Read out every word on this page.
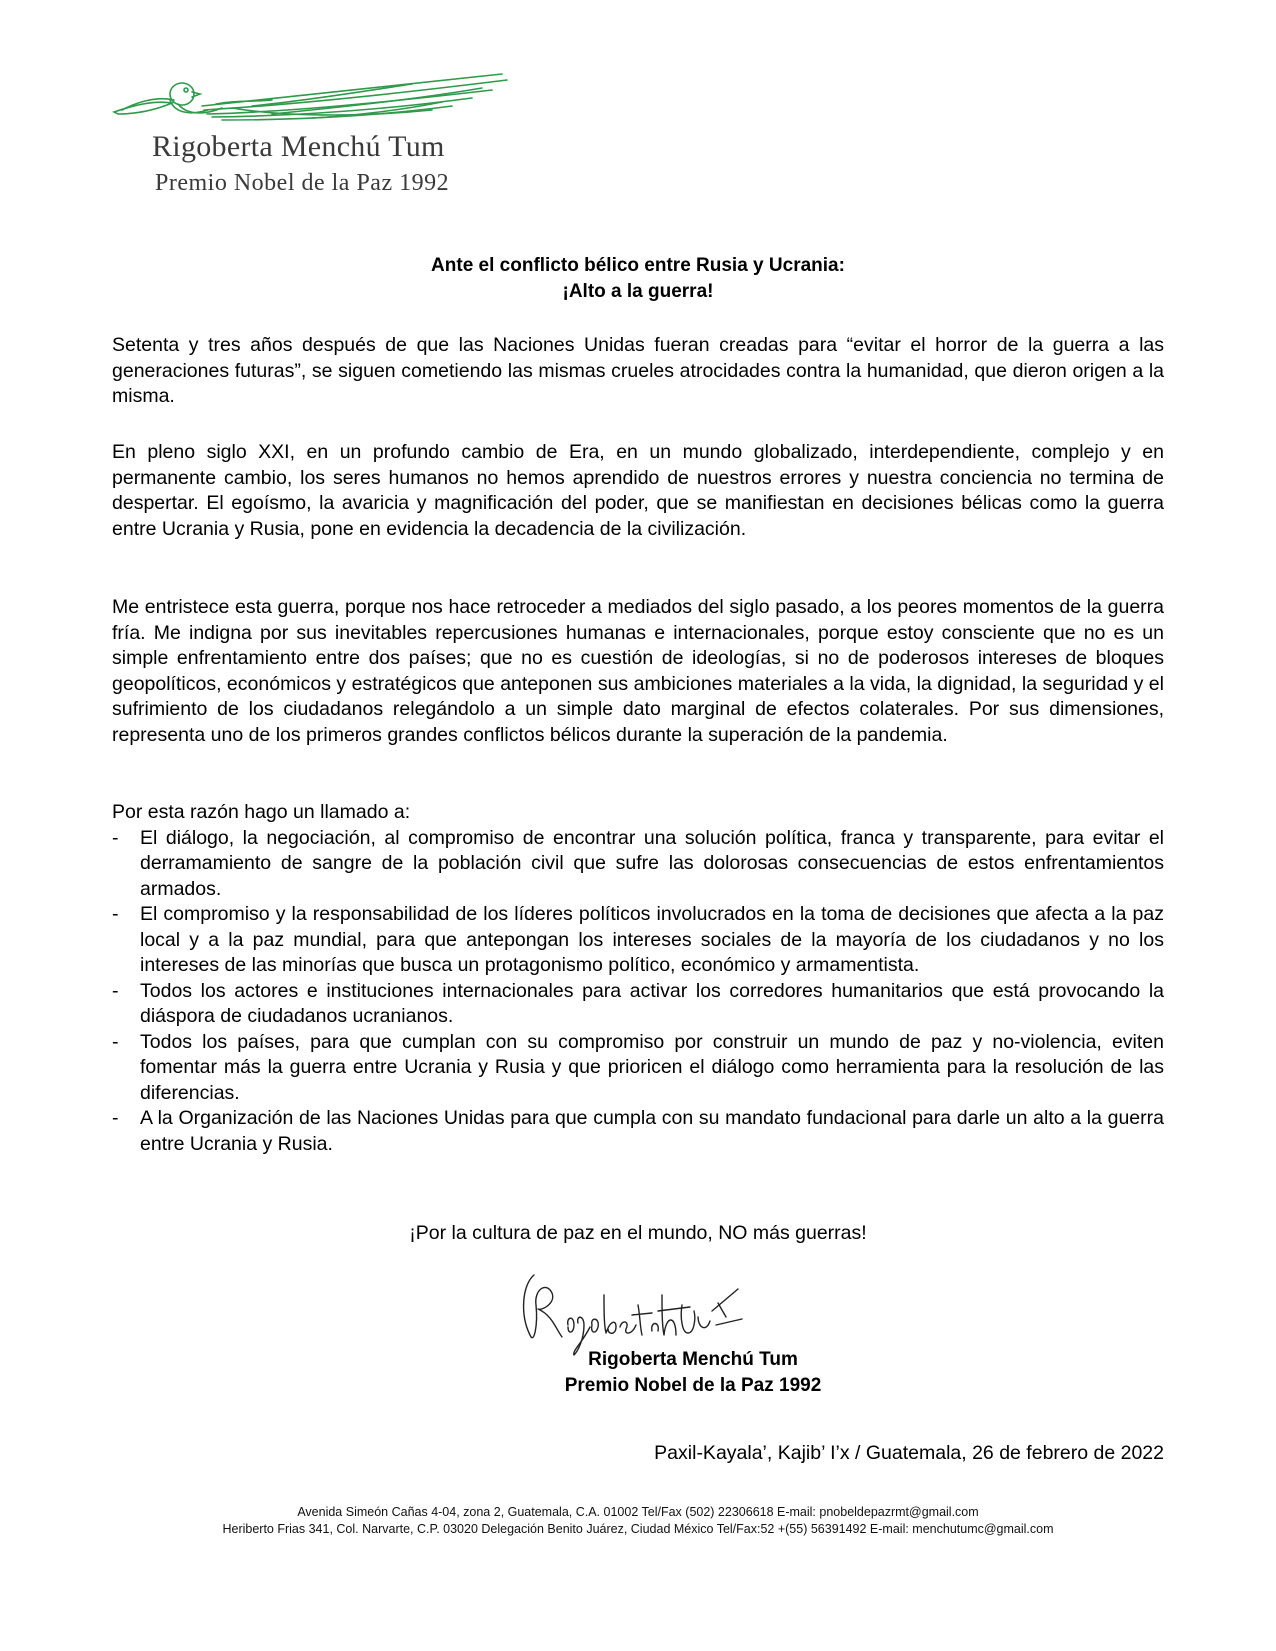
Rigoberta Menchú Tum
Premio Nobel de la Paz 1992
Ante el conflicto bélico entre Rusia y Ucrania:
¡Alto a la guerra!

Setenta y tres años después de que las Naciones Unidas fueran creadas para “evitar el horror de la guerra a las generaciones futuras”, se siguen cometiendo las mismas crueles atrocidades contra la humanidad, que dieron origen a la misma.

En pleno siglo XXI, en un profundo cambio de Era, en un mundo globalizado, interdependiente, complejo y en permanente cambio, los seres humanos no hemos aprendido de nuestros errores y nuestra conciencia no termina de despertar. El egoísmo, la avaricia y magnificación del poder, que se manifiestan en decisiones bélicas como la guerra entre Ucrania y Rusia, pone en evidencia la decadencia de la civilización.

Me entristece esta guerra, porque nos hace retroceder a mediados del siglo pasado, a los peores momentos de la guerra fría. Me indigna por sus inevitables repercusiones humanas e internacionales, porque estoy consciente que no es un simple enfrentamiento entre dos países; que no es cuestión de ideologías, si no de poderosos intereses de bloques geopolíticos, económicos y estratégicos que anteponen sus ambiciones materiales a la vida, la dignidad, la seguridad y el sufrimiento de los ciudadanos relegándolo a un simple dato marginal de efectos colaterales. Por sus dimensiones, representa uno de los primeros grandes conflictos bélicos durante la superación de la pandemia.

Por esta razón hago un llamado a:

- El diálogo, la negociación, al compromiso de encontrar una solución política, franca y transparente, para evitar el derramamiento de sangre de la población civil que sufre las dolorosas consecuencias de estos enfrentamientos armados.
- El compromiso y la responsabilidad de los líderes políticos involucrados en la toma de decisiones que afecta a la paz local y a la paz mundial, para que antepongan los intereses sociales de la mayoría de los ciudadanos y no los intereses de las minorías que busca un protagonismo político, económico y armamentista.
- Todos los actores e instituciones internacionales para activar los corredores humanitarios que está provocando la diáspora de ciudadanos ucranianos.
- Todos los países, para que cumplan con su compromiso por construir un mundo de paz y no-violencia, eviten fomentar más la guerra entre Ucrania y Rusia y que prioricen el diálogo como herramienta para la resolución de las diferencias.
- A la Organización de las Naciones Unidas para que cumpla con su mandato fundacional para darle un alto a la guerra entre Ucrania y Rusia.
¡Por la cultura de paz en el mundo, NO más guerras!
Rigoberta Menchú Tum
Premio Nobel de la Paz 1992
Paxil-Kayala’, Kajib’ I’x / Guatemala, 26 de febrero de 2022
Avenida Simeón Cañas 4-04, zona 2, Guatemala, C.A. 01002 Tel/Fax (502) 22306618 E-mail: pnobeldepazrmt@gmail.com
Heriberto Frias 341, Col. Narvarte, C.P. 03020 Delegación Benito Juárez, Ciudad México Tel/Fax:52 +(55) 56391492 E-mail: menchutumc@gmail.com
